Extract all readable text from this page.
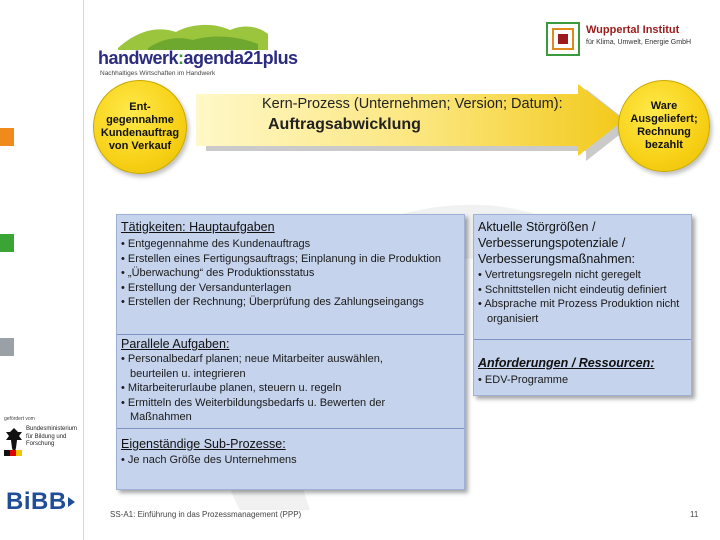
handwerk:agenda21plus
Nachhaltiges Wirtschaften im Handwerk
Wuppertal Institut
für Klima, Umwelt, Energie GmbH
Kern-Prozess (Unternehmen; Version; Datum):
Auftragsabwicklung
Ent-
gegennahme Kundenauftrag von Verkauf
Ware Ausgeliefert; Rechnung bezahlt
Tätigkeiten: Hauptaufgaben
• Entgegennahme des Kundenauftrags
• Erstellen eines Fertigungsauftrags; Einplanung in die Produktion
• „Überwachung“ des Produktionsstatus
• Erstellung der Versandunterlagen
• Erstellen der Rechnung; Überprüfung des Zahlungseingangs
Parallele Aufgaben:
• Personalbedarf planen; neue Mitarbeiter auswählen, beurteilen u. integrieren
• Mitarbeiterurlaube planen, steuern u. regeln
• Ermitteln des Weiterbildungsbedarfs u. Bewerten der Maßnahmen
Eigenständige Sub-Prozesse:
• Je nach Größe des Unternehmens
Aktuelle Störgrößen / Verbesserungspotenziale / Verbesserungsmaßnahmen:
• Vertretungsregeln nicht geregelt
• Schnittstellen nicht eindeutig definiert
• Absprache mit Prozess Produktion nicht organisiert
Anforderungen / Ressourcen:
• EDV-Programme
gefördert vom
Bundesministerium für Bildung und Forschung
BiBB	SS-A1: Einführung in das Prozessmanagement (PPP)	11
